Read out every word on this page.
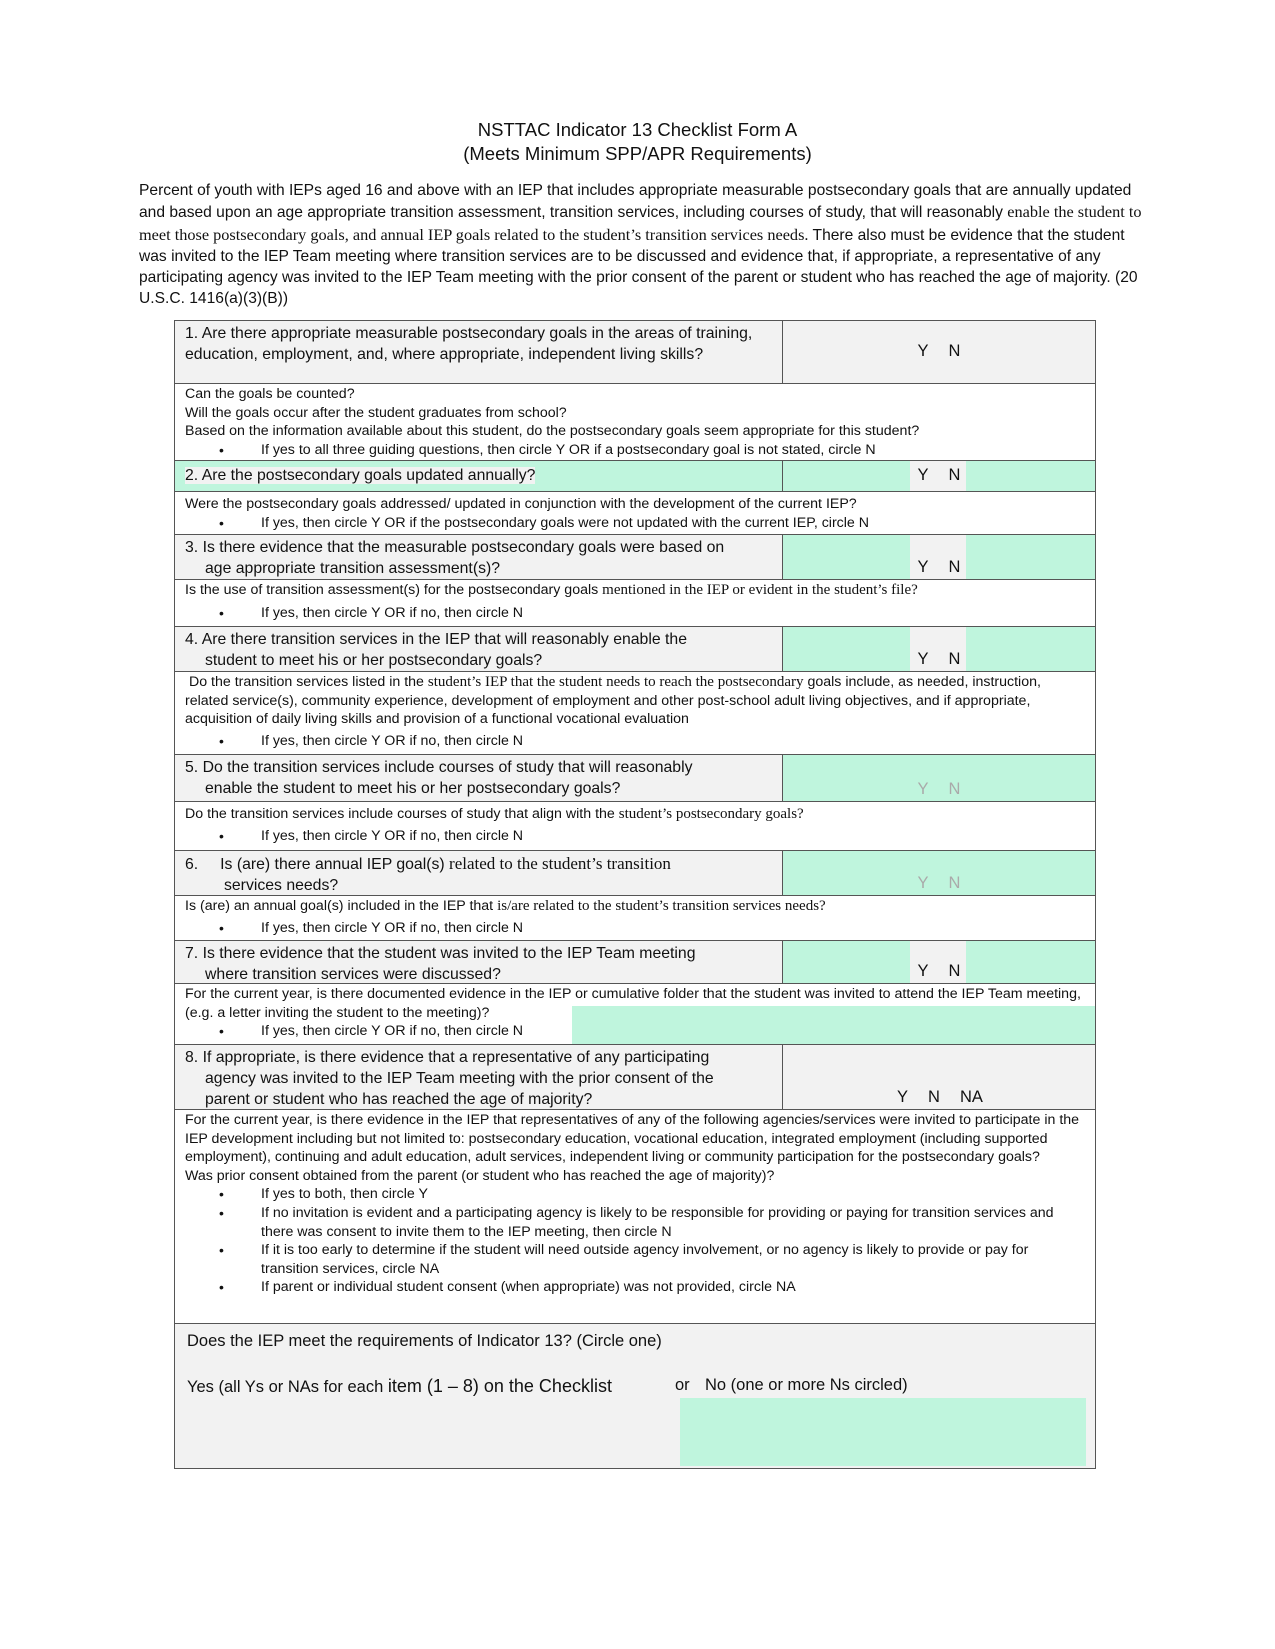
NSTTAC Indicator 13 Checklist Form A
(Meets Minimum SPP/APR Requirements)
Percent of youth with IEPs aged 16 and above with an IEP that includes appropriate measurable postsecondary goals that are annually updated and based upon an age appropriate transition assessment, transition services, including courses of study, that will reasonably enable the student to meet those postsecondary goals, and annual IEP goals related to the student’s transition services needs. There also must be evidence that the student was invited to the IEP Team meeting where transition services are to be discussed and evidence that, if appropriate, a representative of any participating agency was invited to the IEP Team meeting with the prior consent of the parent or student who has reached the age of majority. (20 U.S.C. 1416(a)(3)(B))
1. Are there appropriate measurable postsecondary goals in the areas of training, education, employment, and, where appropriate, independent living skills?	Y N
Can the goals be counted?
Will the goals occur after the student graduates from school?
Based on the information available about this student, do the postsecondary goals seem appropriate for this student?
• If yes to all three guiding questions, then circle Y OR if a postsecondary goal is not stated, circle N
2. Are the postsecondary goals updated annually?	Y N
Were the postsecondary goals addressed/ updated in conjunction with the development of the current IEP?
• If yes, then circle Y OR if the postsecondary goals were not updated with the current IEP, circle N
3. Is there evidence that the measurable postsecondary goals were based on
age appropriate transition assessment(s)?	Y N
Is the use of transition assessment(s) for the postsecondary goals mentioned in the IEP or evident in the student’s file?
• If yes, then circle Y OR if no, then circle N
4. Are there transition services in the IEP that will reasonably enable the
student to meet his or her postsecondary goals?	Y N
Do the transition services listed in the student’s IEP that the student needs to reach the postsecondary goals include, as needed, instruction, related service(s), community experience, development of employment and other post-school adult living objectives, and if appropriate, acquisition of daily living skills and provision of a functional vocational evaluation
• If yes, then circle Y OR if no, then circle N
5. Do the transition services include courses of study that will reasonably
enable the student to meet his or her postsecondary goals?	Y N
Do the transition services include courses of study that align with the student’s postsecondary goals?
• If yes, then circle Y OR if no, then circle N
6. Is (are) there annual IEP goal(s) related to the student’s transition
services needs?	Y N
Is (are) an annual goal(s) included in the IEP that is/are related to the student’s transition services needs?
• If yes, then circle Y OR if no, then circle N
7. Is there evidence that the student was invited to the IEP Team meeting
where transition services were discussed?	Y N
For the current year, is there documented evidence in the IEP or cumulative folder that the student was invited to attend the IEP Team meeting, (e.g. a letter inviting the student to the meeting)?
• If yes, then circle Y OR if no, then circle N
8. If appropriate, is there evidence that a representative of any participating
agency was invited to the IEP Team meeting with the prior consent of the
parent or student who has reached the age of majority?	Y N NA
For the current year, is there evidence in the IEP that representatives of any of the following agencies/services were invited to participate in the IEP development including but not limited to: postsecondary education, vocational education, integrated employment (including supported employment), continuing and adult education, adult services, independent living or community participation for the postsecondary goals?
Was prior consent obtained from the parent (or student who has reached the age of majority)?
• If yes to both, then circle Y
• If no invitation is evident and a participating agency is likely to be responsible for providing or paying for transition services and there was consent to invite them to the IEP meeting, then circle N
• If it is too early to determine if the student will need outside agency involvement, or no agency is likely to provide or pay for transition services, circle NA
• If parent or individual student consent (when appropriate) was not provided, circle NA
Does the IEP meet the requirements of Indicator 13? (Circle one)
Yes (all Ys or NAs for each item (1 – 8) on the Checklist	or No (one or more Ns circled)
